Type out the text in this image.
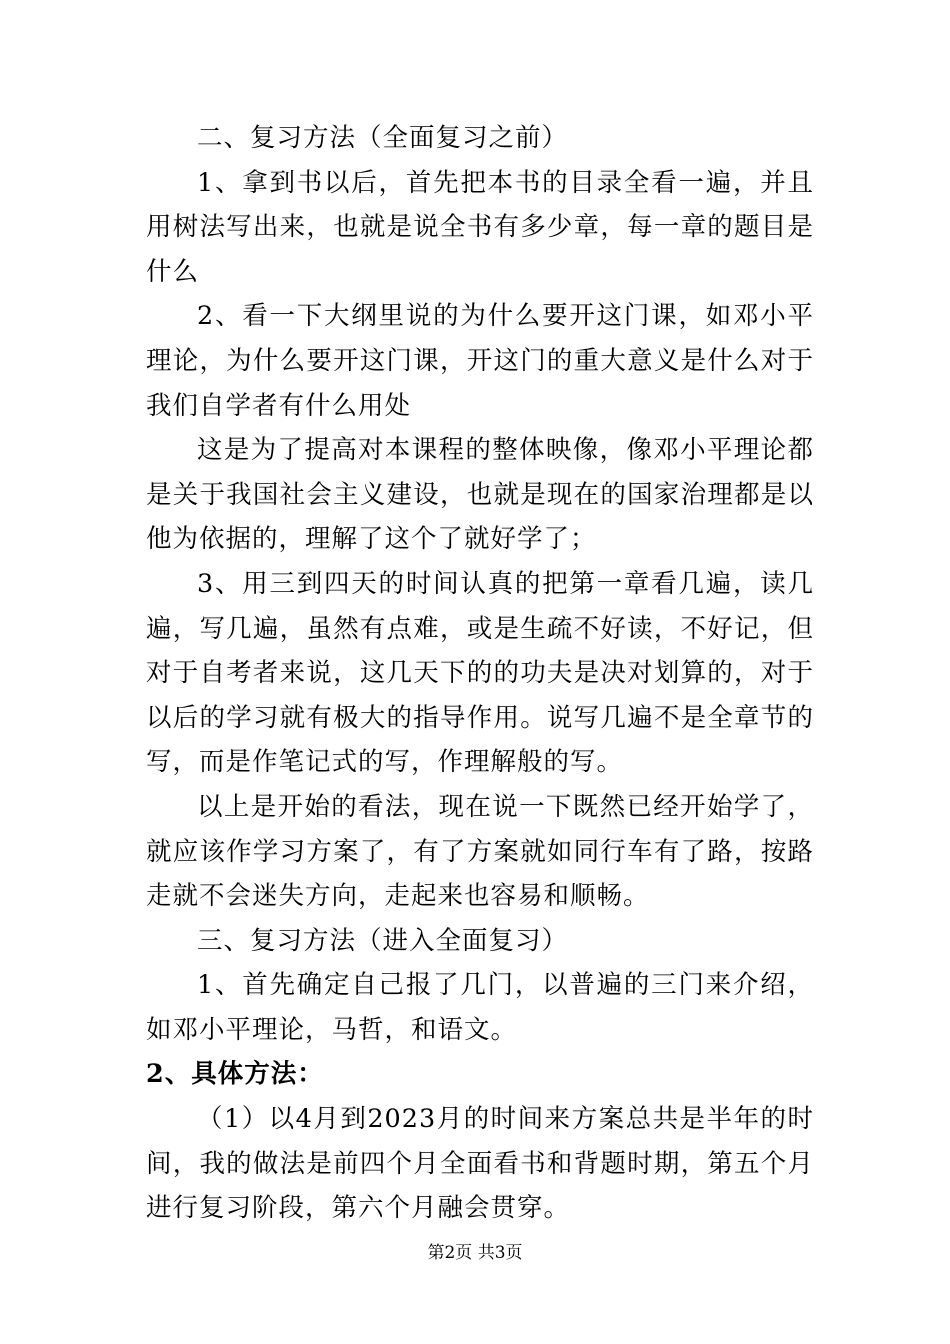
二、复习方法（全面复习之前）

1、拿到书以后，首先把本书的目录全看一遍，并且用树法写出来，也就是说全书有多少章，每一章的题目是什么

2、看一下大纲里说的为什么要开这门课，如邓小平理论，为什么要开这门课，开这门的重大意义是什么对于我们自学者有什么用处

这是为了提高对本课程的整体映像，像邓小平理论都是关于我国社会主义建设，也就是现在的国家治理都是以他为依据的，理解了这个了就好学了；

3、用三到四天的时间认真的把第一章看几遍，读几遍，写几遍，虽然有点难，或是生疏不好读，不好记，但对于自考者来说，这几天下的的功夫是决对划算的，对于以后的学习就有极大的指导作用。说写几遍不是全章节的写，而是作笔记式的写，作理解般的写。

以上是开始的看法，现在说一下既然已经开始学了，就应该作学习方案了，有了方案就如同行车有了路，按路走就不会迷失方向，走起来也容易和顺畅。

三、复习方法（进入全面复习）

1、首先确定自己报了几门，以普遍的三门来介绍，如邓小平理论，马哲，和语文。

2、具体方法：

（1）以4月到2023月的时间来方案总共是半年的时间，我的做法是前四个月全面看书和背题时期，第五个月进行复习阶段，第六个月融会贯穿。

第2页 共3页
